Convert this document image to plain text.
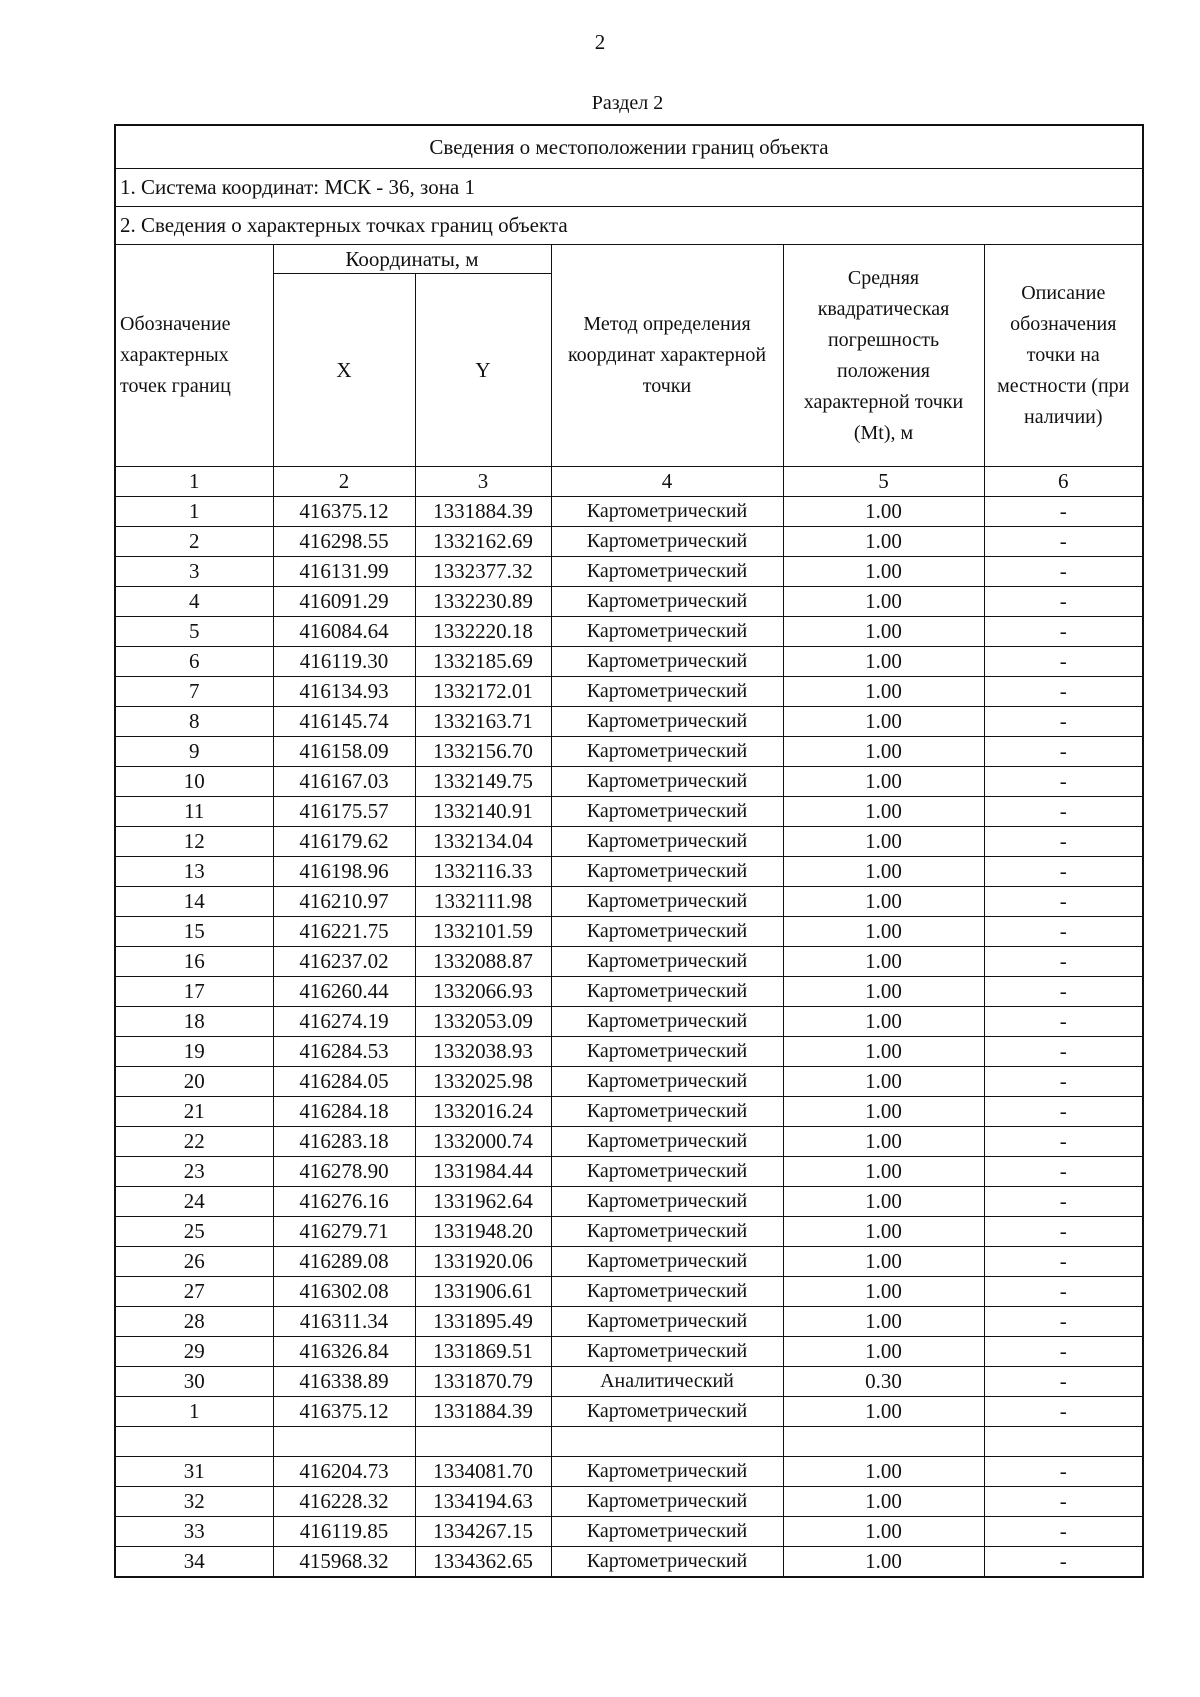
2
Раздел 2
Сведения о местоположении границ объекта					
1. Система координат: МСК - 36, зона 1					
2. Сведения о характерных точках границ объекта					
Обозначение характерных точек границ	Координаты, м		Метод определения координат характерной точки	Средняя квадратическая погрешность положения характерной точки (Mt), м	Описание обозначения точки на местности (при наличии)
	X	Y			
1	2	3	4	5	6
1	416375.12	1331884.39	Картометрический	1.00	-
2	416298.55	1332162.69	Картометрический	1.00	-
3	416131.99	1332377.32	Картометрический	1.00	-
4	416091.29	1332230.89	Картометрический	1.00	-
5	416084.64	1332220.18	Картометрический	1.00	-
6	416119.30	1332185.69	Картометрический	1.00	-
7	416134.93	1332172.01	Картометрический	1.00	-
8	416145.74	1332163.71	Картометрический	1.00	-
9	416158.09	1332156.70	Картометрический	1.00	-
10	416167.03	1332149.75	Картометрический	1.00	-
11	416175.57	1332140.91	Картометрический	1.00	-
12	416179.62	1332134.04	Картометрический	1.00	-
13	416198.96	1332116.33	Картометрический	1.00	-
14	416210.97	1332111.98	Картометрический	1.00	-
15	416221.75	1332101.59	Картометрический	1.00	-
16	416237.02	1332088.87	Картометрический	1.00	-
17	416260.44	1332066.93	Картометрический	1.00	-
18	416274.19	1332053.09	Картометрический	1.00	-
19	416284.53	1332038.93	Картометрический	1.00	-
20	416284.05	1332025.98	Картометрический	1.00	-
21	416284.18	1332016.24	Картометрический	1.00	-
22	416283.18	1332000.74	Картометрический	1.00	-
23	416278.90	1331984.44	Картометрический	1.00	-
24	416276.16	1331962.64	Картометрический	1.00	-
25	416279.71	1331948.20	Картометрический	1.00	-
26	416289.08	1331920.06	Картометрический	1.00	-
27	416302.08	1331906.61	Картометрический	1.00	-
28	416311.34	1331895.49	Картометрический	1.00	-
29	416326.84	1331869.51	Картометрический	1.00	-
30	416338.89	1331870.79	Аналитический	0.30	-
1	416375.12	1331884.39	Картометрический	1.00	-

31	416204.73	1334081.70	Картометрический	1.00	-
32	416228.32	1334194.63	Картометрический	1.00	-
33	416119.85	1334267.15	Картометрический	1.00	-
34	415968.32	1334362.65	Картометрический	1.00	-
